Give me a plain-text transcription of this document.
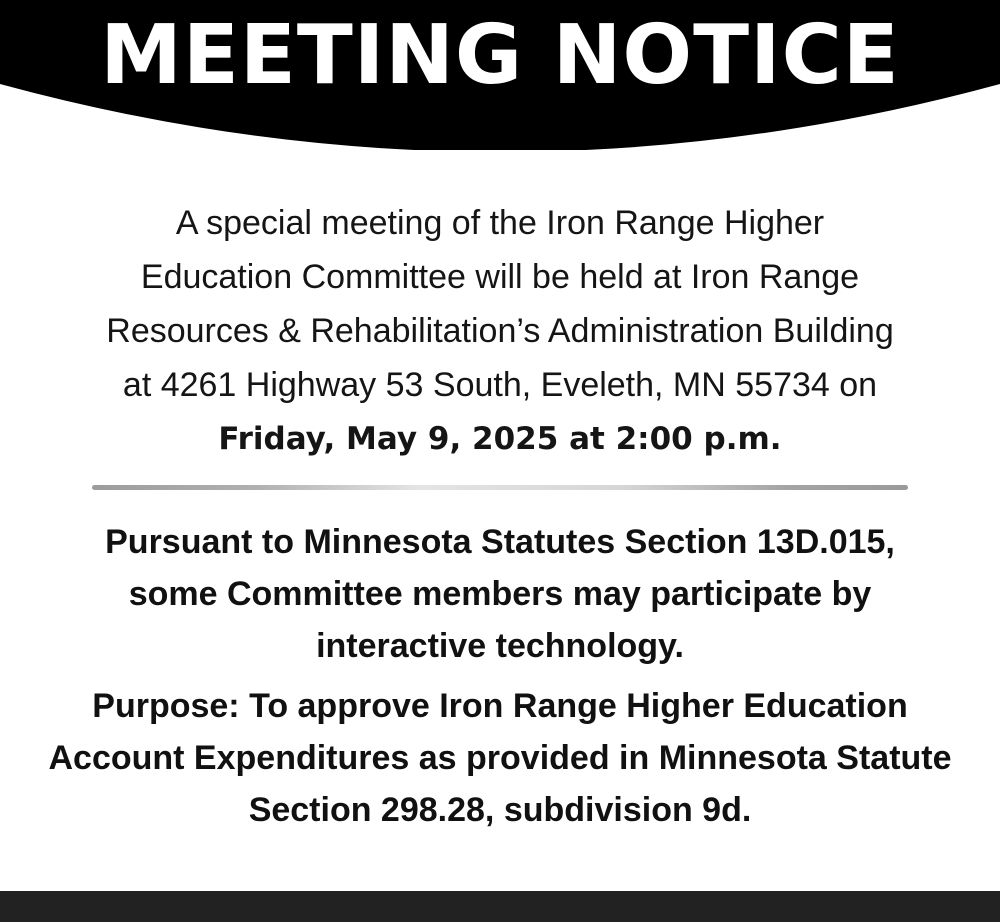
MEETING NOTICE

A special meeting of the Iron Range Higher
Education Committee will be held at Iron Range
Resources & Rehabilitation’s Administration Building
at 4261 Highway 53 South, Eveleth, MN 55734 on
Friday, May 9, 2025 at 2:00 p.m.

Pursuant to Minnesota Statutes Section 13D.015,
some Committee members may participate by
interactive technology.

Purpose: To approve Iron Range Higher Education
Account Expenditures as provided in Minnesota Statute
Section 298.28, subdivision 9d.
